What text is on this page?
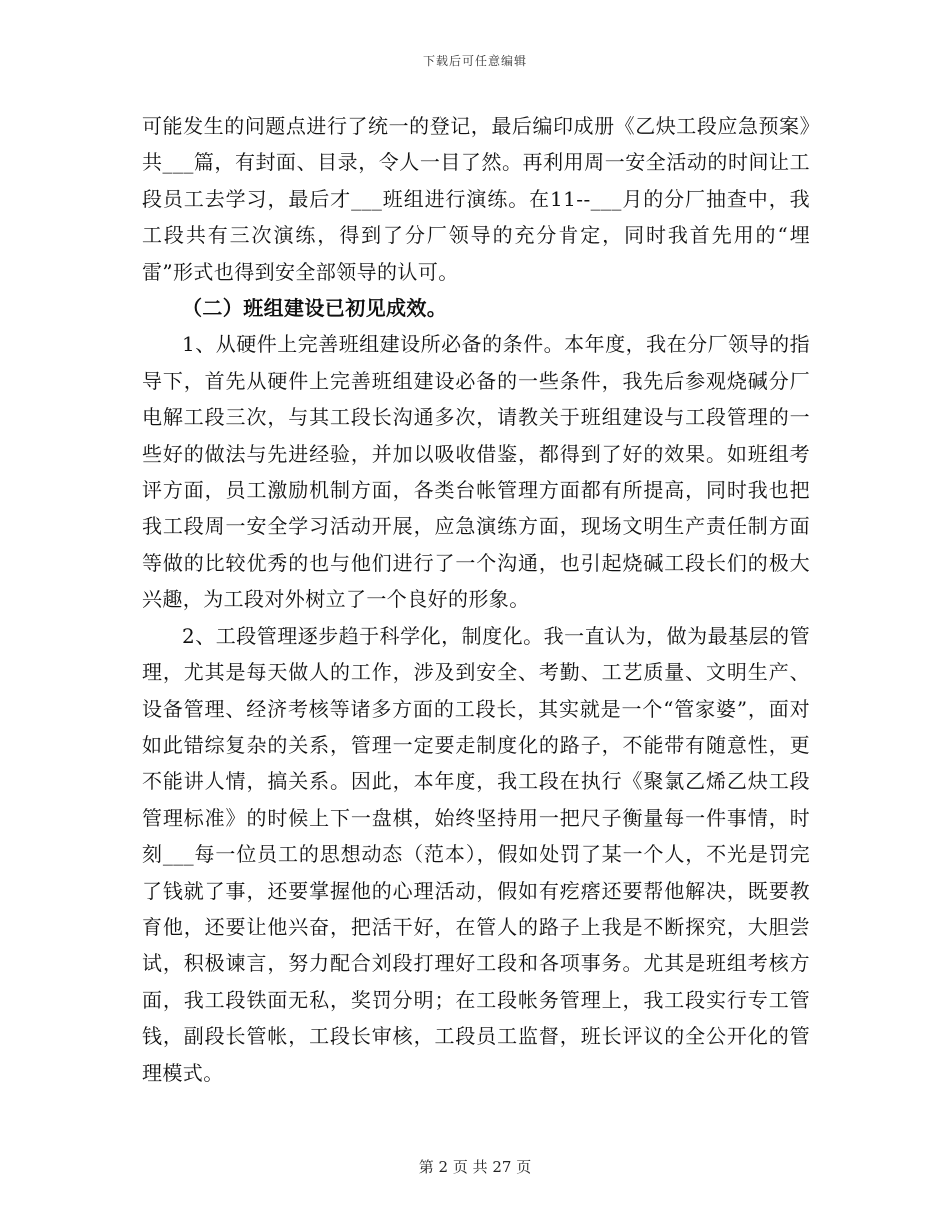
下载后可任意编辑

可能发生的问题点进行了统一的登记，最后编印成册《乙炔工段应急预案》共___篇，有封面、目录，令人一目了然。再利用周一安全活动的时间让工段员工去学习，最后才___班组进行演练。在11--___月的分厂抽查中，我工段共有三次演练，得到了分厂领导的充分肯定，同时我首先用的“埋雷”形式也得到安全部领导的认可。

（二）班组建设已初见成效。

1、从硬件上完善班组建设所必备的条件。本年度，我在分厂领导的指导下，首先从硬件上完善班组建设必备的一些条件，我先后参观烧碱分厂电解工段三次，与其工段长沟通多次，请教关于班组建设与工段管理的一些好的做法与先进经验，并加以吸收借鉴，都得到了好的效果。如班组考评方面，员工激励机制方面，各类台帐管理方面都有所提高，同时我也把我工段周一安全学习活动开展，应急演练方面，现场文明生产责任制方面等做的比较优秀的也与他们进行了一个沟通，也引起烧碱工段长们的极大兴趣，为工段对外树立了一个良好的形象。

2、工段管理逐步趋于科学化，制度化。我一直认为，做为最基层的管理，尤其是每天做人的工作，涉及到安全、考勤、工艺质量、文明生产、设备管理、经济考核等诸多方面的工段长，其实就是一个“管家婆”，面对如此错综复杂的关系，管理一定要走制度化的路子，不能带有随意性，更不能讲人情，搞关系。因此，本年度，我工段在执行《聚氯乙烯乙炔工段管理标准》的时候上下一盘棋，始终坚持用一把尺子衡量每一件事情，时刻___每一位员工的思想动态（范本），假如处罚了某一个人，不光是罚完了钱就了事，还要掌握他的心理活动，假如有疙瘩还要帮他解决，既要教育他，还要让他兴奋，把活干好，在管人的路子上我是不断探究，大胆尝试，积极谏言，努力配合刘段打理好工段和各项事务。尤其是班组考核方面，我工段铁面无私，奖罚分明；在工段帐务管理上，我工段实行专工管钱，副段长管帐，工段长审核，工段员工监督，班长评议的全公开化的管理模式。

第 2 页 共 27 页
